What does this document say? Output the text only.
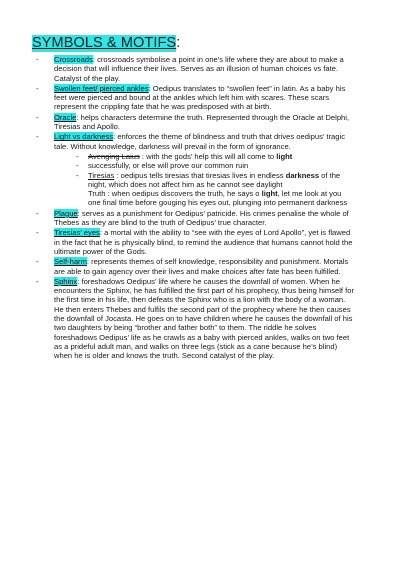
SYMBOLS & MOTIFS:
- Crossroads: crossroads symbolise a point in one's life where they are about to make a decision that will influence their lives. Serves as an illusion of human choices vs fate. Catalyst of the play.
- Swollen feet/ pierced ankles: Oedipus translates to “swollen feet” in latin. As a baby his feet were pierced and bound at the ankles which left him with scares. These scars represent the crippling fate that he was predisposed with at birth.
- Oracle: helps characters determine the truth. Represented through the Oracle at Delphi, Tiresias and Apollo.
- Light vs darkness: enforces the theme of blindness and truth that drives oedipus’ tragic tale. Without knowledge, darkness will prevail in the form of ignorance.
- Avenging Laius : with the gods’ help this will all come to light
- successfully, or else will prove our common ruin
- Tiresias : oedipus tells tiresias that tiresias lives in endless darkness of the night, which does not affect him as he cannot see daylight
Truth : when oedipus discovers the truth, he says o light, let me look at you one final time before gouging his eyes out, plunging into permanent darkness
- Plague: serves as a punishment for Oedipus’ patricide. His crimes penalise the whole of Thebes as they are blind to the truth of Oedipus’ true character.
- Tiresias’ eyes: a mortal with the ability to “see with the eyes of Lord Apollo”, yet is flawed in the fact that he is physically blind, to remind the audience that humans cannot hold the ultimate power of the Gods.
- Self-harm: represents themes of self knowledge, responsibility and punishment. Mortals are able to gain agency over their lives and make choices after fate has been fulfilled.
- Sphinx: foreshadows Oedipus’ life where he causes the downfall of women. When he encounters the Sphinx, he has fulfilled the first part of his prophecy, thus being himself for the first time in his life, then defeats the Sphinx who is a lion with the body of a woman. He then enters Thebes and fulfils the second part of the prophecy where he then causes the downfall of Jocasta. He goes on to have children where he causes the downfall of his two daughters by being “brother and father both” to them. The riddle he solves foreshadows Oedipus’ life as he crawls as a baby with pierced ankles, walks on two feet as a prideful adult man, and walks on three legs (stick as a cane because he’s blind) when he is older and knows the truth. Second catalyst of the play.
